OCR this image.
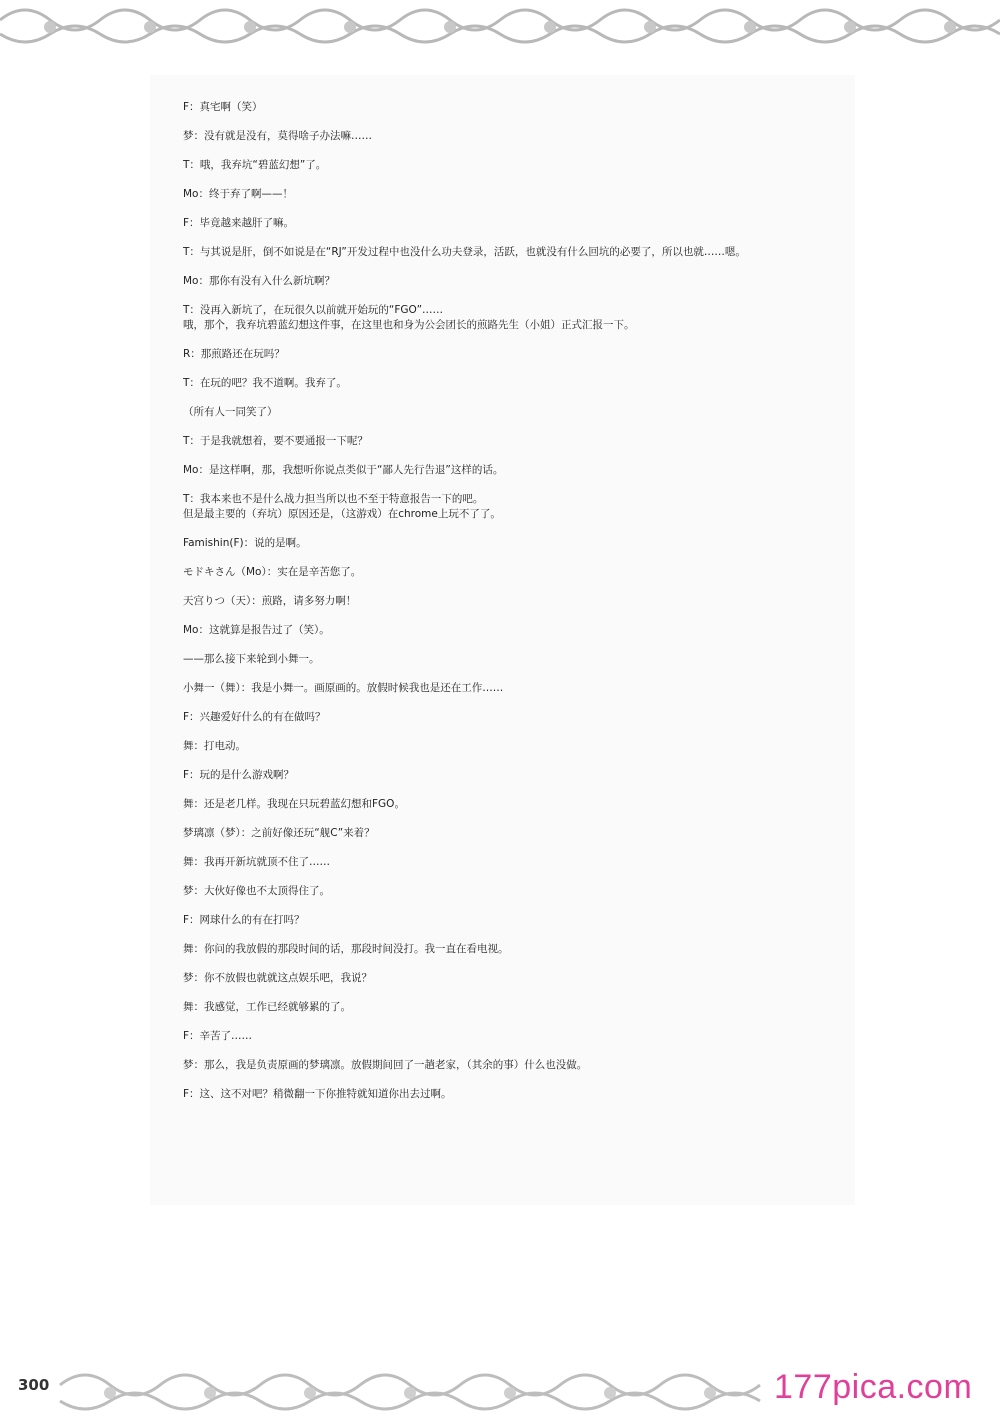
F：真宅啊（笑）
梦：没有就是没有，莫得啥子办法嘛……
T：哦，我弃坑“碧蓝幻想”了。
Mo：终于弃了啊——！
F：毕竟越来越肝了嘛。
T：与其说是肝，倒不如说是在“RJ”开发过程中也没什么功夫登录，活跃，也就没有什么回坑的必要了，所以也就……嗯。
Mo：那你有没有入什么新坑啊？
T：没再入新坑了，在玩很久以前就开始玩的“FGO”……
哦，那个，我弃坑碧蓝幻想这件事，在这里也和身为公会团长的煎路先生（小姐）正式汇报一下。
R：那煎路还在玩吗？
T：在玩的吧？我不道啊。我弃了。
（所有人一同笑了）
T：于是我就想着，要不要通报一下呢？
Mo：是这样啊，那，我想听你说点类似于“鄙人先行告退”这样的话。
T：我本来也不是什么战力担当所以也不至于特意报告一下的吧。
但是最主要的（弃坑）原因还是，（这游戏）在chrome上玩不了了。
Famishin(F)：说的是啊。
モドキさん（Mo）：实在是辛苦您了。
天宫りつ（天）：煎路，请多努力啊！
Mo：这就算是报告过了（笑）。
——那么接下来轮到小舞一。
小舞一（舞）：我是小舞一。画原画的。放假时候我也是还在工作……
F：兴趣爱好什么的有在做吗？
舞：打电动。
F：玩的是什么游戏啊？
舞：还是老几样。我现在只玩碧蓝幻想和FGO。
梦璃凛（梦）：之前好像还玩“舰C”来着？
舞：我再开新坑就顶不住了……
梦：大伙好像也不太顶得住了。
F：网球什么的有在打吗？
舞：你问的我放假的那段时间的话，那段时间没打。我一直在看电视。
梦：你不放假也就就这点娱乐吧，我说？
舞：我感觉，工作已经就够累的了。
F：辛苦了……
梦：那么，我是负责原画的梦璃凛。放假期间回了一趟老家，（其余的事）什么也没做。
F：这、这不对吧？稍微翻一下你推特就知道你出去过啊。
300	177pica.com
